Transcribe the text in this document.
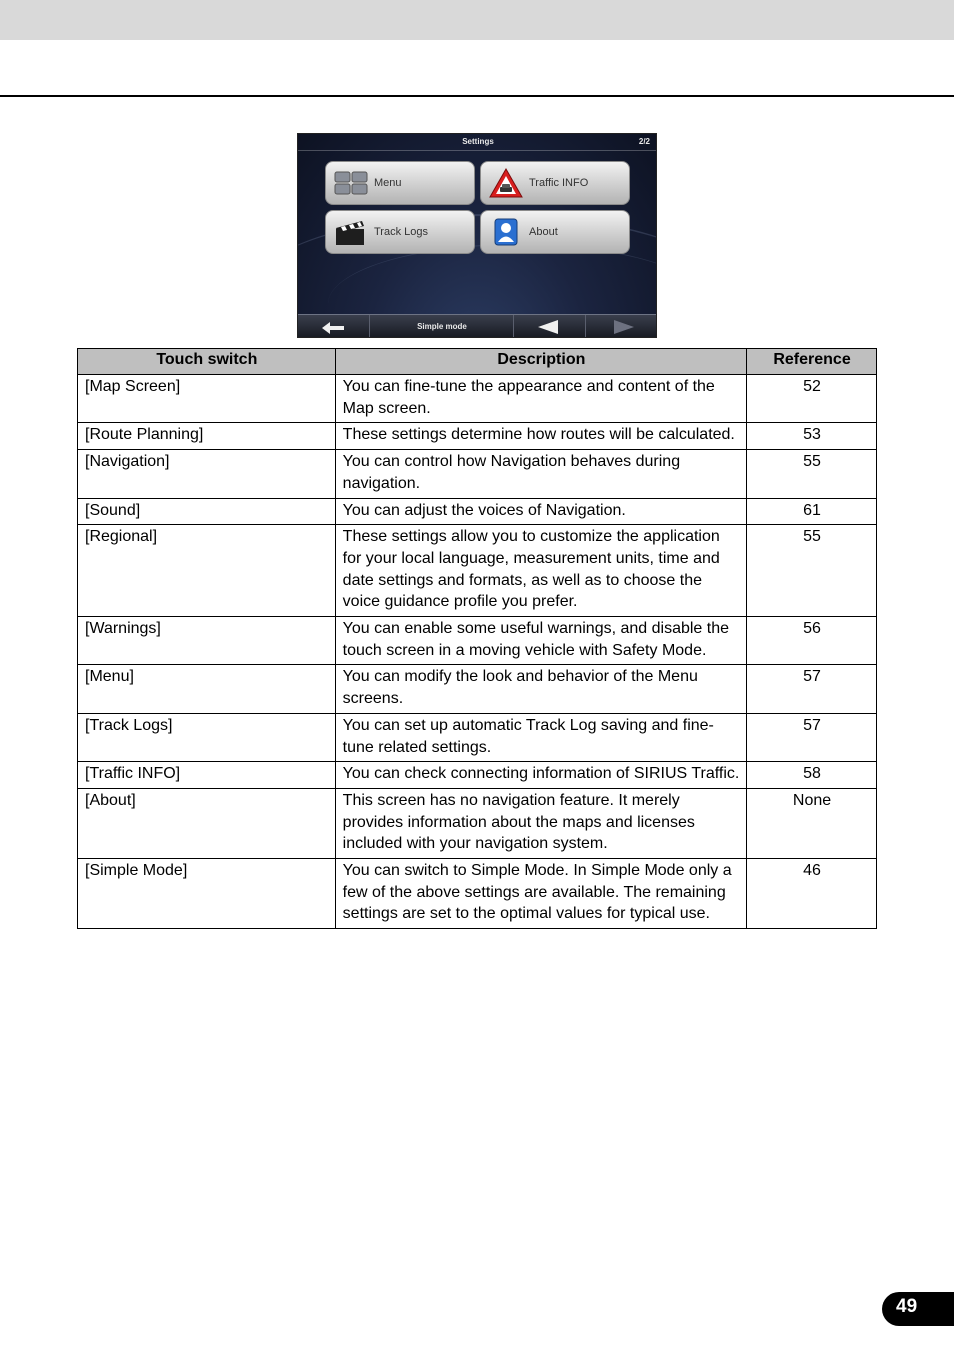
Settings	2/2
Menu	Traffic INFO
Track Logs	About
Simple mode
Touch switch	Description	Reference
[Map Screen]	You can fine-tune the appearance and content of the Map screen.	52
[Route Planning]	These settings determine how routes will be calculated.	53
[Navigation]	You can control how Navigation behaves during navigation.	55
[Sound]	You can adjust the voices of Navigation.	61
[Regional]	These settings allow you to customize the application for your local language, measurement units, time and date settings and formats, as well as to choose the voice guidance profile you prefer.	55
[Warnings]	You can enable some useful warnings, and disable the touch screen in a moving vehicle with Safety Mode.	56
[Menu]	You can modify the look and behavior of the Menu screens.	57
[Track Logs]	You can set up automatic Track Log saving and fine-tune related settings.	57
[Traffic INFO]	You can check connecting information of SIRIUS Traffic.	58
[About]	This screen has no navigation feature. It merely provides information about the maps and licenses included with your navigation system.	None
[Simple Mode]	You can switch to Simple Mode. In Simple Mode only a few of the above settings are available. The remaining settings are set to the optimal values for typical use.	46
49
